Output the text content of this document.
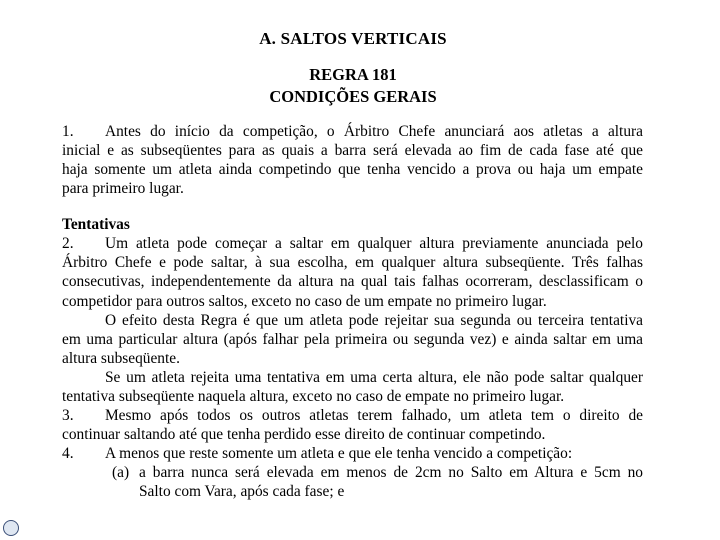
A. SALTOS VERTICAIS
REGRA 181
CONDIÇÕES GERAIS
1. Antes do início da competição, o Árbitro Chefe anunciará aos atletas a altura
inicial e as subseqüentes para as quais a barra será elevada ao fim de cada fase até que
haja somente um atleta ainda competindo que tenha vencido a prova ou haja um empate
para primeiro lugar.
Tentativas
2. Um atleta pode começar a saltar em qualquer altura previamente anunciada pelo
Árbitro Chefe e pode saltar, à sua escolha, em qualquer altura subseqüente. Três falhas
consecutivas, independentemente da altura na qual tais falhas ocorreram, desclassificam o
competidor para outros saltos, exceto no caso de um empate no primeiro lugar.
O efeito desta Regra é que um atleta pode rejeitar sua segunda ou terceira tentativa
em uma particular altura (após falhar pela primeira ou segunda vez) e ainda saltar em uma
altura subseqüente.
Se um atleta rejeita uma tentativa em uma certa altura, ele não pode saltar qualquer
tentativa subseqüente naquela altura, exceto no caso de empate no primeiro lugar.
3. Mesmo após todos os outros atletas terem falhado, um atleta tem o direito de
continuar saltando até que tenha perdido esse direito de continuar competindo.
4. A menos que reste somente um atleta e que ele tenha vencido a competição:
(a) a barra nunca será elevada em menos de 2cm no Salto em Altura e 5cm no
Salto com Vara, após cada fase; e
